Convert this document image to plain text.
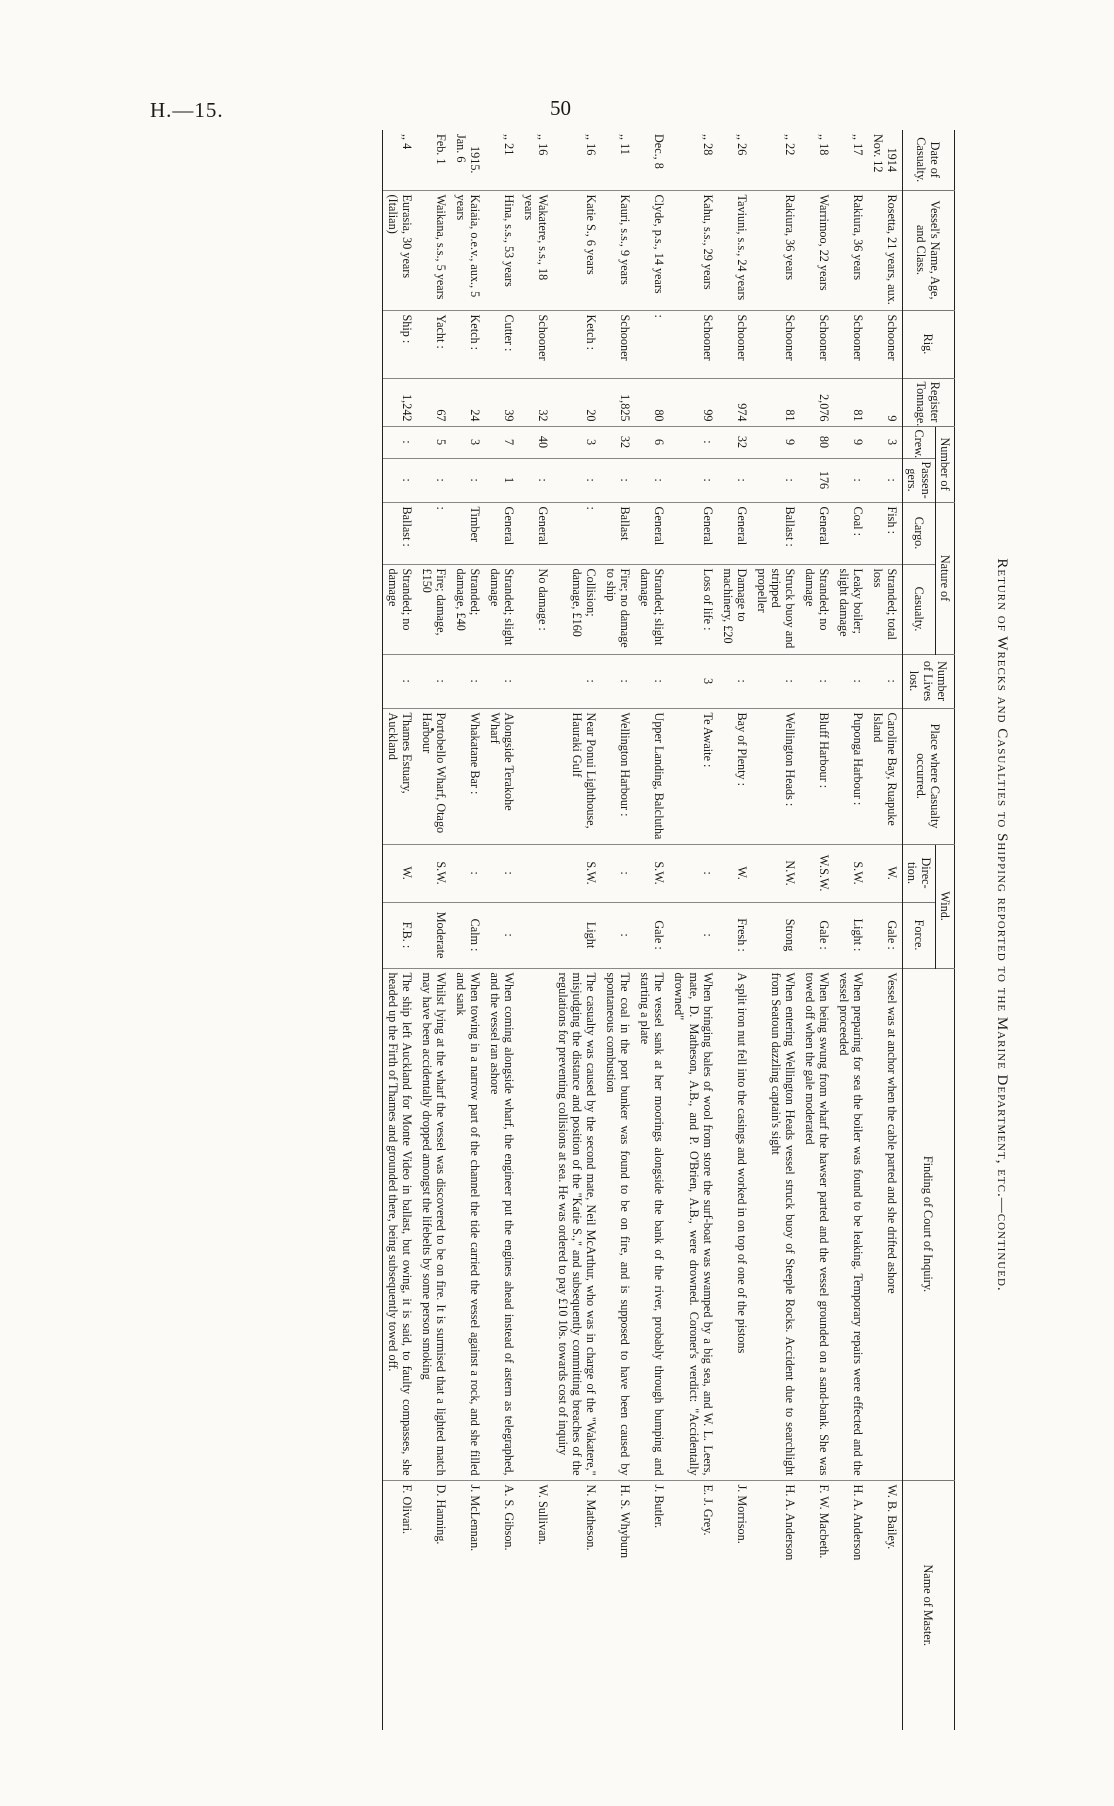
H.—15.	50
Return of Wrecks and Casualties to Shipping reported to the Marine Department, etc.—continued.
Date of Casualty.	Vessel's Name, Age, and Class.	Rig.	Register Tonnage.	Number of		Nature of		Number of Lives lost.	Place where Casualty occurred.	Wind.		Finding of Court of Inquiry.	Name of Master.
				Crew.	Passen-gers.	Cargo.	Casualty.			Direc-tion.	Force.		

1914
Nov. 12	Rosetta, 21 years, aux.	Schooner	9	3	:	Fish :	Stranded; total loss	:	Caroline Bay, Ruapuke Island	W.	Gale :	Vessel was at anchor when the cable parted and she drifted ashore	W. B. Bailey.

,, 17	Rakiura, 36 years	Schooner	81	9	:	Coal :	Leaky boiler; slight damage	:	Puponga Harbour :	S.W.	Light :	When preparing for sea the boiler was found to be leaking. Temporary repairs were effected and the vessel proceeded	H. A. Anderson

,, 18	Warrimoo, 22 years	Schooner	2,076	80	176	General	Stranded; no damage	:	Bluff Harbour :	W.S.W.	Gale :	When being swung from wharf the hawser parted and the vessel grounded on a sand-bank. She was towed off when the gale moderated	F. W. Macbeth.

,, 22	Rakiura, 36 years	Schooner	81	9	:	Ballast :	Struck buoy and stripped propeller	:	Wellington Heads :	N.W.	Strong	When entering Wellington Heads vessel struck buoy of Steeple Rocks. Accident due to searchlight from Seatoun dazzling captain's sight	H. A. Anderson

,, 26	Taviuni, s.s., 24 years	Schooner	974	32	:	General	Damage to machinery, £20	:	Bay of Plenty :	W.	Fresh :	A split iron nut fell into the casings and worked in on top of one of the pistons	J. Morrison.

,, 28	Kahu, s.s., 29 years	Schooner	99	:	:	General	Loss of life :	3	Te Awaite :	:	:	When bringing bales of wool from store the surf-boat was swamped by a big sea, and W. L. Leers, mate, D. Matheson, A.B., and P. O'Brien, A.B., were drowned. Coroner's verdict: "Accidentally drowned"	E. J. Grey.

Dec., 8	Clyde, p.s., 14 years	:	80	6	:	General	Stranded; slight damage	:	Upper Landing, Balclutha	S.W.	Gale :	The vessel sank at her moorings alongside the bank of the river, probably through bumping and starting a plate	J. Butler.

,, 11	Kauri, s.s., 9 years	Schooner	1,825	32	:	Ballast	Fire; no damage to ship	:	Wellington Harbour :	:	:	The coal in the port bunker was found to be on fire, and is supposed to have been caused by spontaneous combustion	H. S. Whyburn

,, 16	Katie S., 6 years	Ketch :	20	3	:	:	Collision; damage, £160	:	Near Ponui Lighthouse, Hauraki Gulf	S.W.	Light	The casualty was caused by the second mate, Neil McArthur, who was in charge of the "Wakatere," misjudging the distance and position of the "Katie S.," and subsequently committing breaches of the regulations for preventing collisions at sea. He was ordered to pay £10 10s. towards cost of inquiry	N. Matheson.

,, 16	Wakatere, s.s., 18 years	Schooner	32	40	:	General	No damage :						W. Sullivan.

,, 21	Hina, s.s., 53 years	Cutter :	39	7	1	General	Stranded; slight damage	:	Alongside Terakohe Wharf	:	:	When coming alongside wharf, the engineer put the engines ahead instead of astern as telegraphed, and the vessel ran ashore	A. S. Gibson.

1915.
Jan. 6	Kaiaia, o.e.v., aux., 5 years	Ketch :	24	3	:	Timber	Stranded; damage, £40	:	Whakatane Bar :	:	Calm :	When towing in a narrow part of the channel the tide carried the vessel against a rock, and she filled and sank	J. McLennan.

Feb. 1	Waikana, s.s., 5 years	Yacht :	67	5	:	:	Fire; damage, £150	:	Portobello Wharf, Otago Harbour	S.W.	Moderate	Whilst lying at the wharf the vessel was discovered to be on fire. It is surmised that a lighted match may have been accidentally dropped amongst the lifebelts by some person smoking	D. Hanning.

,, 4	Eurasia, 30 years (Italian)	Ship :	1,242	:	:	Ballast :	Stranded; no damage	:	Thames Estuary, Auckland	W.	F.B. :	The ship left Auckland for Monte Video in ballast, but owing, it is said, to faulty compasses, she headed up the Firth of Thames and grounded there, being subsequently towed off.	F. Olivari.
